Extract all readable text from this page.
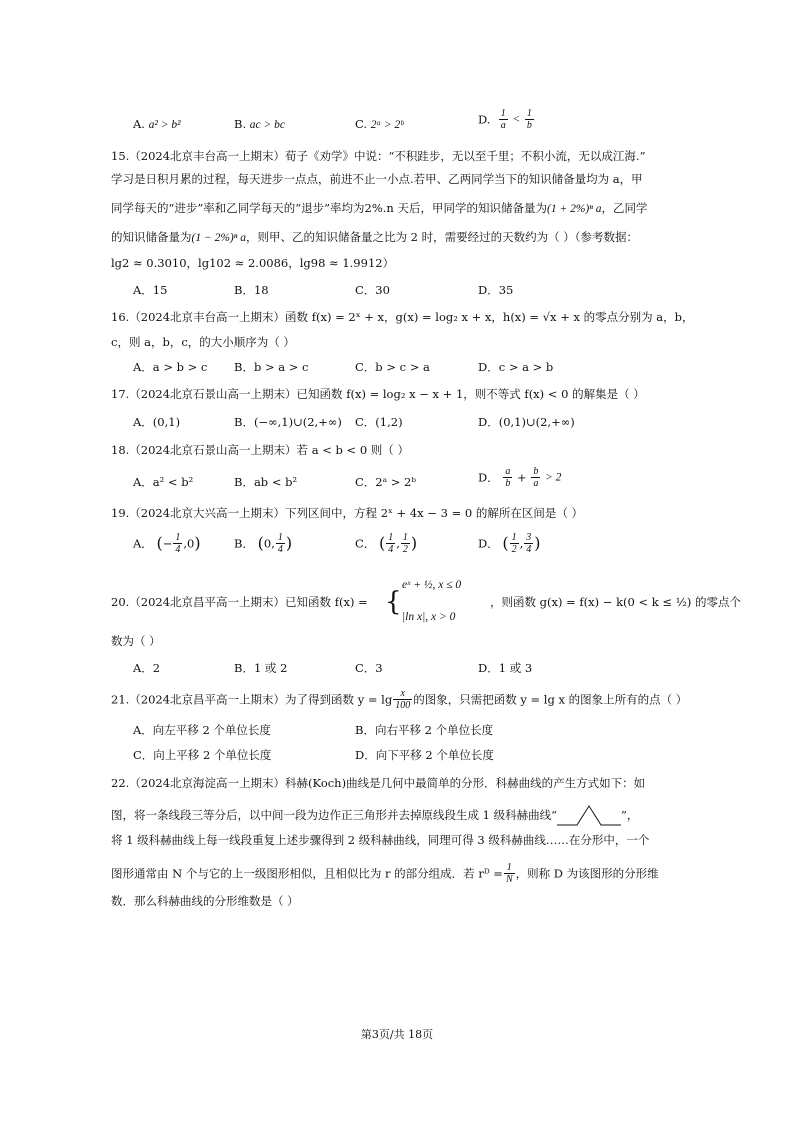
A. a² > b²	B. ac > bc	C. 2ᵃ > 2ᵇ	D. $\frac{1}{a} < \frac{1}{b}$
15.（2024北京丰台高一上期末）荀子《劝学》中说：“不积跬步，无以至千里；不积小流，无以成江海.”
学习是日积月累的过程，每天进步一点点，前进不止一小点.若甲、乙两同学当下的知识储备量均为 a，甲
同学每天的“进步”率和乙同学每天的“退步”率均为2%.n 天后，甲同学的知识储备量为(1 + 2%)ⁿ a，乙同学
的知识储备量为(1 − 2%)ⁿ a，则甲、乙的知识储备量之比为 2 时，需要经过的天数约为（ ）（参考数据：
lg2 ≈ 0.3010，lg102 ≈ 2.0086，lg98 ≈ 1.9912）
A．15	B．18	C．30	D．35
16.（2024北京丰台高一上期末）函数 f(x) = 2ˣ + x，g(x) = log₂ x + x，h(x) = √x + x 的零点分别为 a，b，
c，则 a，b，c，的大小顺序为（ ）
A．a > b > c B．b > a > c	C．b > c > a	D．c > a > b
17.（2024北京石景山高一上期末）已知函数 f(x) = log₂ x − x + 1，则不等式 f(x) < 0 的解集是（ ）
A．(0,1)	B．(−∞,1)∪(2,+∞) C．(1,2)	D．(0,1)∪(2,+∞)
18.（2024北京石景山高一上期末）若 a < b < 0 则（ ）
A．a² < b²	B．ab < b²	C．2ᵃ > 2ᵇ	D． $\frac{a}{b} + \frac{b}{a} > 2$
19.（2024北京大兴高一上期末）下列区间中，方程 2ˣ + 4x − 3 = 0 的解所在区间是（ ）
A． (− $\frac{1}{4} ,0$)	B． (0, $\frac{1}{4}$ )	C． ( $\frac{1}{4}$ , $\frac{1}{2}$ )	D． ( $\frac{1}{2}$ , $\frac{3}{4}$ )
20.（2024北京昌平高一上期末）已知函数 f(x) = {
eˣ + ½, x ≤ 0
|ln x|, x > 0
，则函数 g(x) = f(x) − k(0 < k ≤ ½) 的零点个
数为（ ）
A．2	B．1 或 2	C．3	D．1 或 3
21.（2024北京昌平高一上期末）为了得到函数 $y = \lg \frac{x}{100}$ 的图象，只需把函数 y = lg x 的图象上所有的点（ ）
A．向左平移 2 个单位长度	B．向右平移 2 个单位长度
C．向上平移 2 个单位长度	D．向下平移 2 个单位长度
22.（2024北京海淀高一上期末）科赫(Koch)曲线是几何中最简单的分形．科赫曲线的产生方式如下：如
图，将一条线段三等分后，以中间一段为边作正三角形并去掉原线段生成 1 级科赫曲线“	”，
将 1 级科赫曲线上每一线段重复上述步骤得到 2 级科赫曲线，同理可得 3 级科赫曲线……在分形中，一个
图形通常由 N 个与它的上一级图形相似，且相似比为 r 的部分组成．若 rᴰ = $\frac{1}{N}$ ，则称 D 为该图形的分形维
数．那么科赫曲线的分形维数是（ ）
第3页/共 18页
